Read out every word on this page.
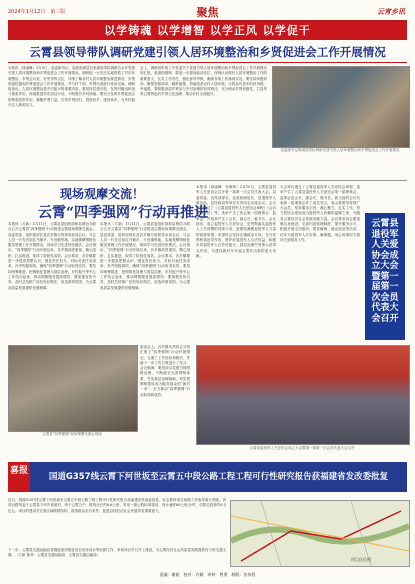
2024年1月12日　第三版	聚焦	云宵乡讯
以学铸魂 以学增智 以学正风 以学促干
云霄县领导带队调研党建引领人居环境整治和乡贤促进会工作开展情况
本报讯（林凌峰）1月9日，县委副书记、县政府副县长张淑茹带队调研吉水乡党建引领人居环境整治和乡贤促进会工作开展情况。调研组一行先后实地察看了村庄环境整治、乡贤会议室、村史馆等点位，详细了解各村人居环境整治推进情况、乡贤资源挖掘和乡贤促进会工作开展情况，并与村干部、乡贤代表进行座谈交流。调研组指出，人居环境整治是乡村振兴的重要内容，要坚持党建引领，发挥村级组织战斗堡垒作用，持续推进村庄清洁行动，不断提升乡村颜值。要充分发挥乡贤促进会的桥梁纽带作用，凝聚乡贤力量，引导乡贤回归、投资回乡、建设家乡，为乡村振兴注入新的活力。
会上，调研组听取了乡党委关于党建引领人居环境整治和乡贤促进会工作开展情况的汇报。张淑茹强调，要进一步提高政治站位，深刻认识做好人居环境整治工作的重要意义，压实工作责任，强化督导考核，确保各项工作落到实处。要坚持问题导向，聚焦短板弱项，精准施策，持续改善农村人居环境，让群众有更多的获得感、幸福感。要积极探索乡贤参与乡村治理的有效路径，充分调动乡贤积极性，打造具有云霄特色的乡贤文化品牌，推动乡村全面振兴。
县委副书记陈淑茹带队调研党建引领人居环境整治和乡贤促进会工作开展情况
现场观摩交流！
云霄“四季强网”行动再推进
本报讯（方新）1月11日，云霄县委组织部和县网信办联合召开云霄县“四季强网”行动推进会暨现场观摩交流会，县委常委、组织部部长及各乡镇分管领导参加会议。与会人员一行先后前往马铺乡、火田镇等地，实地观摩网格化服务管理工作开展情况，现场学习先进经验做法。会议指出，“四季强网”行动开展以来，各乡镇高度重视，精心组织，扎实推进，取得了阶段性成效。会议要求，各乡镇要进一步提高思想认识，强化责任担当，对标对表任务清单，补齐短板弱项，确保“四季强网”行动取得实效；要坚持统筹推进，把网格化管理与基层治理、乡村振兴等中心工作结合起来，推动网格服务提质增效；要加强宣传引导，及时总结推广好经验好做法，营造浓厚氛围，为云霄高质量发展提供坚强保障。
本报讯（方新）1月11日，云霄县委组织部和县网信办联合召开云霄县“四季强网”行动推进会暨现场观摩交流会，县委常委、组织部部长及各乡镇分管领导参加会议。与会人员一行先后前往马铺乡、火田镇等地，实地观摩网格化服务管理工作开展情况，现场学习先进经验做法。会议指出，“四季强网”行动开展以来，各乡镇高度重视，精心组织，扎实推进，取得了阶段性成效。会议要求，各乡镇要进一步提高思想认识，强化责任担当，对标对表任务清单，补齐短板弱项，确保“四季强网”行动取得实效；要坚持统筹推进，把网格化管理与基层治理、乡村振兴等中心工作结合起来，推动网格服务提质增效；要加强宣传引导，及时总结推广好经验好做法，营造浓厚氛围，为云霄高质量发展提供坚强保障。
云霄县“四季强网”现场观摩交流会现场
座谈会上，各乡镇负责同志分别汇报了“四季强网”行动开展情况，交流了工作经验和做法，并就下一步工作打算进行了发言。会议强调，要坚持以党建引领网格治理，不断健全完善网格体系，夯实基层治理基础，切实把网格建设成为服务群众的“最后一米”，全力推动“四季强网”行动取得新成效。
本报讯（林凌峰　吴海炜）1月10日，云霄县退役军人关爱协会召开第一届第一次会员代表大会。县委常委、宣传部部长，县政府副县长，县退役军人事务局、县民政局等单位负责同志出席会议。会议审议通过了《云霄县退役军人关爱协会章程》《会员管理办法》等，选举产生了协会第一届理事会、监事会，并选举产生了会长、副会长、秘书长。会议指出，成立退役军人关爱协会，是贯彻落实退役军人工作部署的具体行动，是团结凝聚退役军人力量的重要举措。希望协会坚持正确政治方向，充分发挥桥梁纽带作用，维护好退役军人合法权益，积极引导退役军人在乡村振兴、基层治理中发挥示范带头作用，为建设新时代幸福云霄作出新的更大贡献。
大会审议通过了云霄县退役军人关爱协会章程，选举产生了云霄县退役军人关爱协会第一届理事会、监事会及会长、副会长、秘书长。新当选的会长代表新一届理事会作了表态发言，表示将团结带领广大会员，坚持服务宗旨，凝心聚力，扎实工作，努力把协会建设成为退役军人信赖的温暖之家，为服务云霄经济社会发展贡献力量。会议要求协会要加强自身建设，完善内部管理制度，提升服务水平，积极开展走访慰问、帮扶解困、就业创业等活动，切实为退役军人办实事、解难题，用心用情用力做好关爱服务工作。
云霄县退役军人关爱协会成立大会暨第一届第一次会员代表大会召开
云霄县退役军人关爱协会成立大会暨第一届第一次会员代表大会召开
喜报
国道G357线云霄下河世坂至云霄五中段公路工程工程可行性研究报告获福建省发改委批复
近日，国道G357线云霄下河世坂至云霄五中段公路工程工程可行性研究报告获福建省发改委批复，标志着该项目前期工作取得重大突破。该项目路线起于云霄县下河乡世坂村，终于云霄五中，路线全长约8.6公里，采用一级公路标准建设，设计速度60公里/小时，估算总投资约6.5亿元。项目的建设对完善区域路网结构、改善群众出行条件、促进沿线经济社会发展具有重要意义。
下一步，云霄县交通运输局将继续加快推进项目初步设计等前期工作，争取项目早日开工建设，为云霄经济社会高质量发展提供有力的交通支撑。（方新 陈菲：云霄县交通运输局　云霄县交通运输局）
项目区位图
责编：谢毅　校对：许颖　审核：曾勇　制版：张伟程
